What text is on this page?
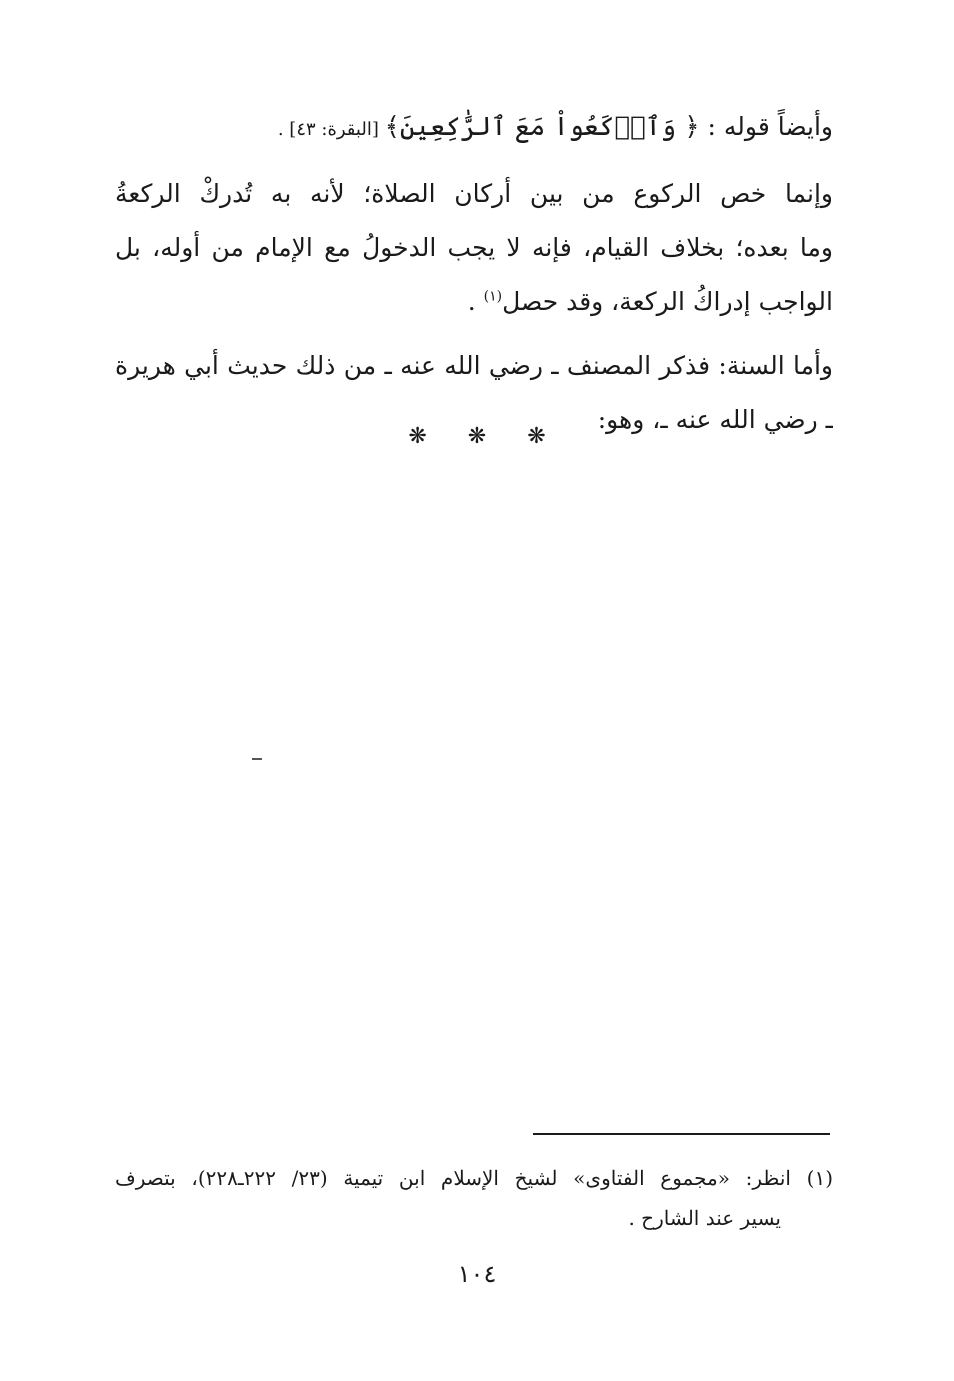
وأيضاً قوله : ﴿ وَٱرۡكَعُواْ مَعَ ٱلرَّٰكِعِينَ﴾ [البقرة: ٤٣] .
وإنما خص الركوع من بين أركان الصلاة؛ لأنه به تُدركْ الركعةُ
وما بعده؛ بخلاف القيام، فإنه لا يجب الدخولُ مع الإمام من أوله، بل
الواجب إدراكُ الركعة، وقد حصل$^{(١)}$ .
وأما السنة: فذكر المصنف ـ رضي الله عنه ـ من ذلك حديث أبي هريرة
ـ رضي الله عنه ـ، وهو:
❋ ❋ ❋
(١) انظر: «مجموع الفتاوى» لشيخ الإسلام ابن تيمية (٢٣/ ٢٢٢ـ٢٢٨)، بتصرف
يسير عند الشارح .
١٠٤
